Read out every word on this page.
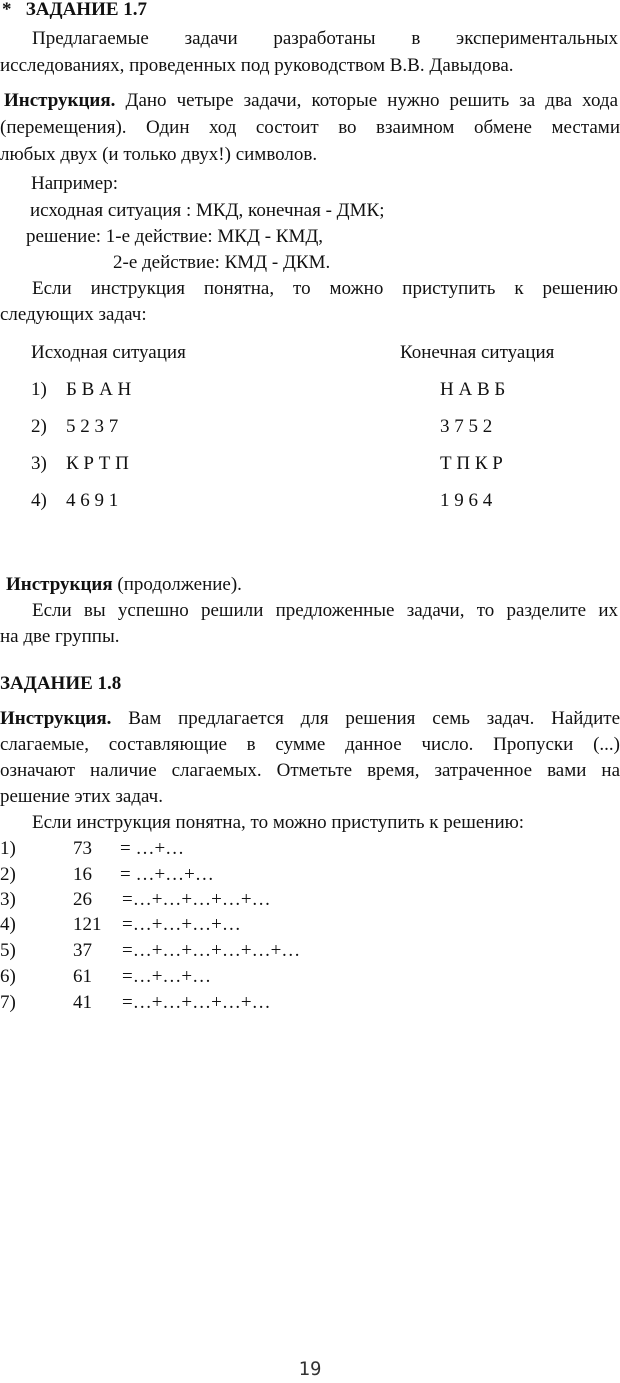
* ЗАДАНИЕ 1.7
Предлагаемые задачи разработаны в экспериментальных
исследованиях, проведенных под руководством В.В. Давыдова.
Инструкция. Дано четыре задачи, которые нужно решить за два хода
(перемещения). Один ход состоит во взаимном обмене местами
любых двух (и только двух!) символов.
Например:
исходная ситуация : МКД, конечная - ДМК;
решение: 1-е действие: МКД - КМД,
2-е действие: КМД - ДКМ.
Если инструкция понятна, то можно приступить к решению
следующих задач:
Исходная ситуация	Конечная ситуация
1) Б В А Н	Н А В Б
2) 5 2 3 7	3 7 5 2
3) К Р Т П	Т П К Р
4) 4 6 9 1	1 9 6 4
Инструкция (продолжение).
Если вы успешно решили предложенные задачи, то разделите их
на две группы.
ЗАДАНИЕ 1.8
Инструкция. Вам предлагается для решения семь задач. Найдите
слагаемые, составляющие в сумме данное число. Пропуски (...)
означают наличие слагаемых. Отметьте время, затраченное вами на
решение этих задач.
Если инструкция понятна, то можно приступить к решению:
1)	73 = …+…
2)	16 = …+…+…
3)	26 =…+…+…+…+…
4)	121 =…+…+…+…
5)	37 =…+…+…+…+…+…
6)	61 =…+…+…
7)	41 =…+…+…+…+…
19
